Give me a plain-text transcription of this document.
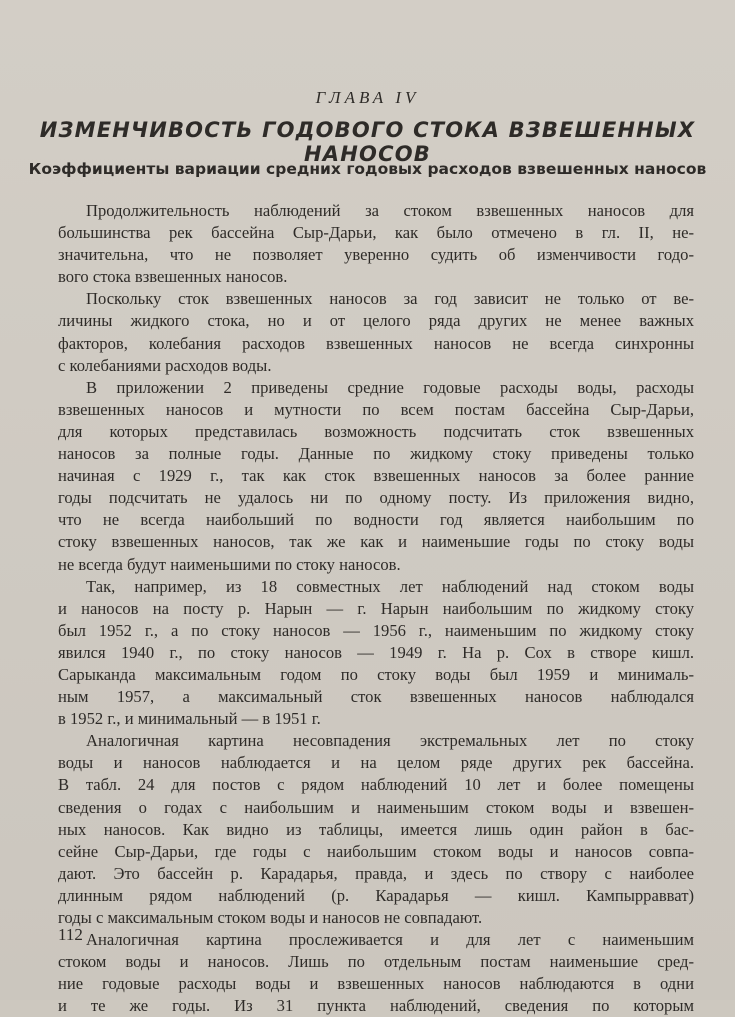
ГЛАВА IV
ИЗМЕНЧИВОСТЬ ГОДОВОГО СТОКА ВЗВЕШЕННЫХ НАНОСОВ
Коэффициенты вариации средних годовых расходов взвешенных наносов
Продолжительность наблюдений за стоком взвешенных наносов для
большинства рек бассейна Сыр-Дарьи, как было отмечено в гл. II, не-
значительна, что не позволяет уверенно судить об изменчивости годо-
вого стока взвешенных наносов.
Поскольку сток взвешенных наносов за год зависит не только от ве-
личины жидкого стока, но и от целого ряда других не менее важных
факторов, колебания расходов взвешенных наносов не всегда синхронны
с колебаниями расходов воды.
В приложении 2 приведены средние годовые расходы воды, расходы
взвешенных наносов и мутности по всем постам бассейна Сыр-Дарьи,
для которых представилась возможность подсчитать сток взвешенных
наносов за полные годы. Данные по жидкому стоку приведены только
начиная с 1929 г., так как сток взвешенных наносов за более ранние
годы подсчитать не удалось ни по одному посту. Из приложения видно,
что не всегда наибольший по водности год является наибольшим по
стоку взвешенных наносов, так же как и наименьшие годы по стоку воды
не всегда будут наименьшими по стоку наносов.
Так, например, из 18 совместных лет наблюдений над стоком воды
и наносов на посту р. Нарын — г. Нарын наибольшим по жидкому стоку
был 1952 г., а по стоку наносов — 1956 г., наименьшим по жидкому стоку
явился 1940 г., по стоку наносов — 1949 г. На р. Сох в створе кишл.
Сарыканда максимальным годом по стоку воды был 1959 и минималь-
ным 1957, а максимальный сток взвешенных наносов наблюдался
в 1952 г., и минимальный — в 1951 г.
Аналогичная картина несовпадения экстремальных лет по стоку
воды и наносов наблюдается и на целом ряде других рек бассейна.
В табл. 24 для постов с рядом наблюдений 10 лет и более помещены
сведения о годах с наибольшим и наименьшим стоком воды и взвешен-
ных наносов. Как видно из таблицы, имеется лишь один район в бас-
сейне Сыр-Дарьи, где годы с наибольшим стоком воды и наносов совпа-
дают. Это бассейн р. Карадарья, правда, и здесь по створу с наиболее
длинным рядом наблюдений (р. Карадарья — кишл. Кампырравват)
годы с максимальным стоком воды и наносов не совпадают.
Аналогичная картина прослеживается и для лет с наименьшим
стоком воды и наносов. Лишь по отдельным постам наименьшие сред-
ние годовые расходы воды и взвешенных наносов наблюдаются в одни
и те же годы. Из 31 пункта наблюдений, сведения по которым
112
